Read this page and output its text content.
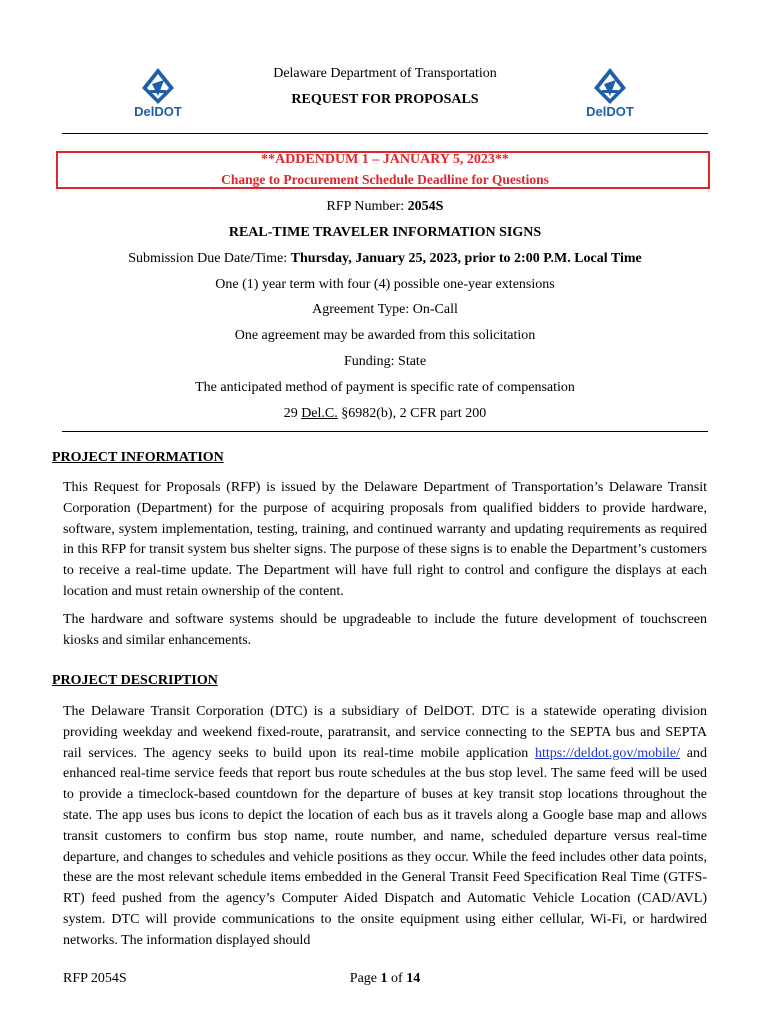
DelDOT	DelDOT
Delaware Department of Transportation
REQUEST FOR PROPOSALS
**ADDENDUM 1 – JANUARY 5, 2023**
Change to Procurement Schedule Deadline for Questions
RFP Number: 2054S
REAL-TIME TRAVELER INFORMATION SIGNS
Submission Due Date/Time: Thursday, January 25, 2023, prior to 2:00 P.M. Local Time
One (1) year term with four (4) possible one-year extensions
Agreement Type: On-Call
One agreement may be awarded from this solicitation
Funding: State
The anticipated method of payment is specific rate of compensation
29 Del.C. §6982(b), 2 CFR part 200
PROJECT INFORMATION
This Request for Proposals (RFP) is issued by the Delaware Department of Transportation’s Delaware Transit Corporation (Department) for the purpose of acquiring proposals from qualified bidders to provide hardware, software, system implementation, testing, training, and continued warranty and updating requirements as required in this RFP for transit system bus shelter signs. The purpose of these signs is to enable the Department’s customers to receive a real-time update. The Department will have full right to control and configure the displays at each location and must retain ownership of the content.
The hardware and software systems should be upgradeable to include the future development of touchscreen kiosks and similar enhancements.
PROJECT DESCRIPTION
The Delaware Transit Corporation (DTC) is a subsidiary of DelDOT. DTC is a statewide operating division providing weekday and weekend fixed-route, paratransit, and service connecting to the SEPTA bus and SEPTA rail services. The agency seeks to build upon its real-time mobile application https://deldot.gov/mobile/ and enhanced real-time service feeds that report bus route schedules at the bus stop level. The same feed will be used to provide a timeclock-based countdown for the departure of buses at key transit stop locations throughout the state. The app uses bus icons to depict the location of each bus as it travels along a Google base map and allows transit customers to confirm bus stop name, route number, and name, scheduled departure versus real-time departure, and changes to schedules and vehicle positions as they occur. While the feed includes other data points, these are the most relevant schedule items embedded in the General Transit Feed Specification Real Time (GTFS-RT) feed pushed from the agency’s Computer Aided Dispatch and Automatic Vehicle Location (CAD/AVL) system. DTC will provide communications to the onsite equipment using either cellular, Wi-Fi, or hardwired networks. The information displayed should
RFP 2054S	Page 1 of 14
